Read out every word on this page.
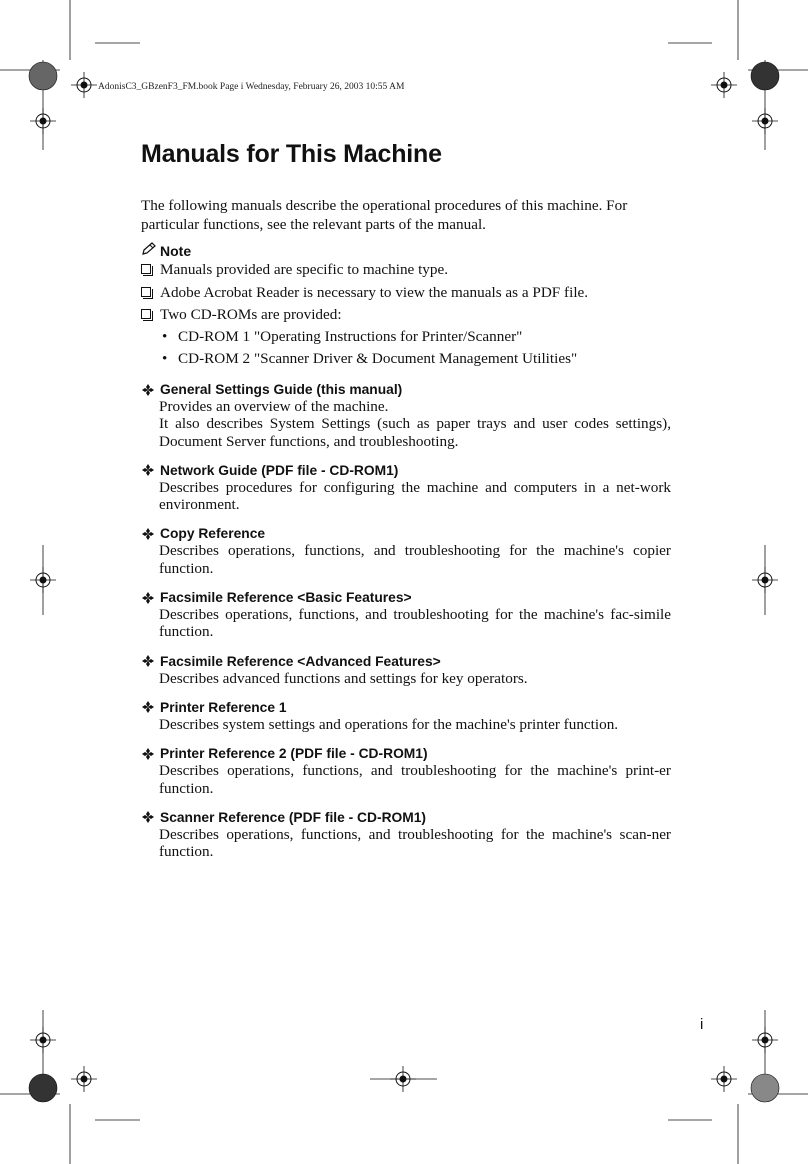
AdonisC3_GBzenF3_FM.book Page i Wednesday, February 26, 2003 10:55 AM
Manuals for This Machine

The following manuals describe the operational procedures of this machine. For particular functions, see the relevant parts of the manual.

Note
Manuals provided are specific to machine type.
Adobe Acrobat Reader is necessary to view the manuals as a PDF file.
Two CD-ROMs are provided:
• CD-ROM 1 "Operating Instructions for Printer/Scanner"
• CD-ROM 2 "Scanner Driver & Document Management Utilities"
General Settings Guide (this manual)

Provides an overview of the machine.
It also describes System Settings (such as paper trays and user codes settings), Document Server functions, and troubleshooting.

Network Guide (PDF file - CD-ROM1)

Describes procedures for configuring the machine and computers in a net-work environment.

Copy Reference

Describes operations, functions, and troubleshooting for the machine's copier function.

Facsimile Reference <Basic Features>

Describes operations, functions, and troubleshooting for the machine's fac-simile function.

Facsimile Reference <Advanced Features>

Describes advanced functions and settings for key operators.

Printer Reference 1

Describes system settings and operations for the machine's printer function.

Printer Reference 2 (PDF file - CD-ROM1)

Describes operations, functions, and troubleshooting for the machine's print-er function.

Scanner Reference (PDF file - CD-ROM1)

Describes operations, functions, and troubleshooting for the machine's scan-ner function.

i
